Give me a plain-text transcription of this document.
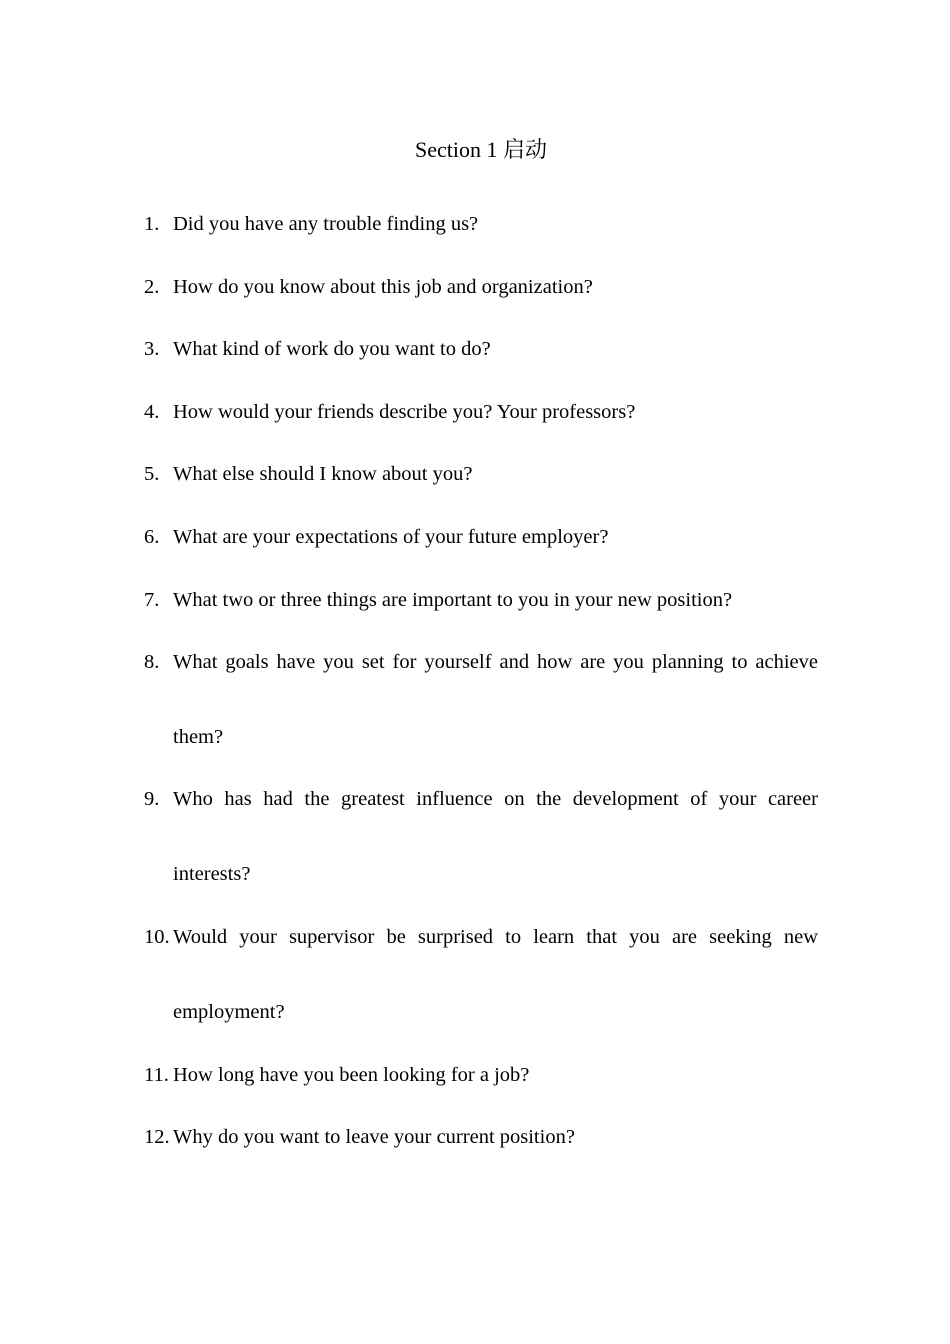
Section 1 启动
1. Did you have any trouble finding us?
2. How do you know about this job and organization?
3. What kind of work do you want to do?
4. How would your friends describe you? Your professors?
5. What else should I know about you?
6. What are your expectations of your future employer?
7. What two or three things are important to you in your new position?
8. What goals have you set for yourself and how are you planning to achieve them?
9. Who has had the greatest influence on the development of your career interests?
10. Would your supervisor be surprised to learn that you are seeking new employment?
11. How long have you been looking for a job?
12. Why do you want to leave your current position?
